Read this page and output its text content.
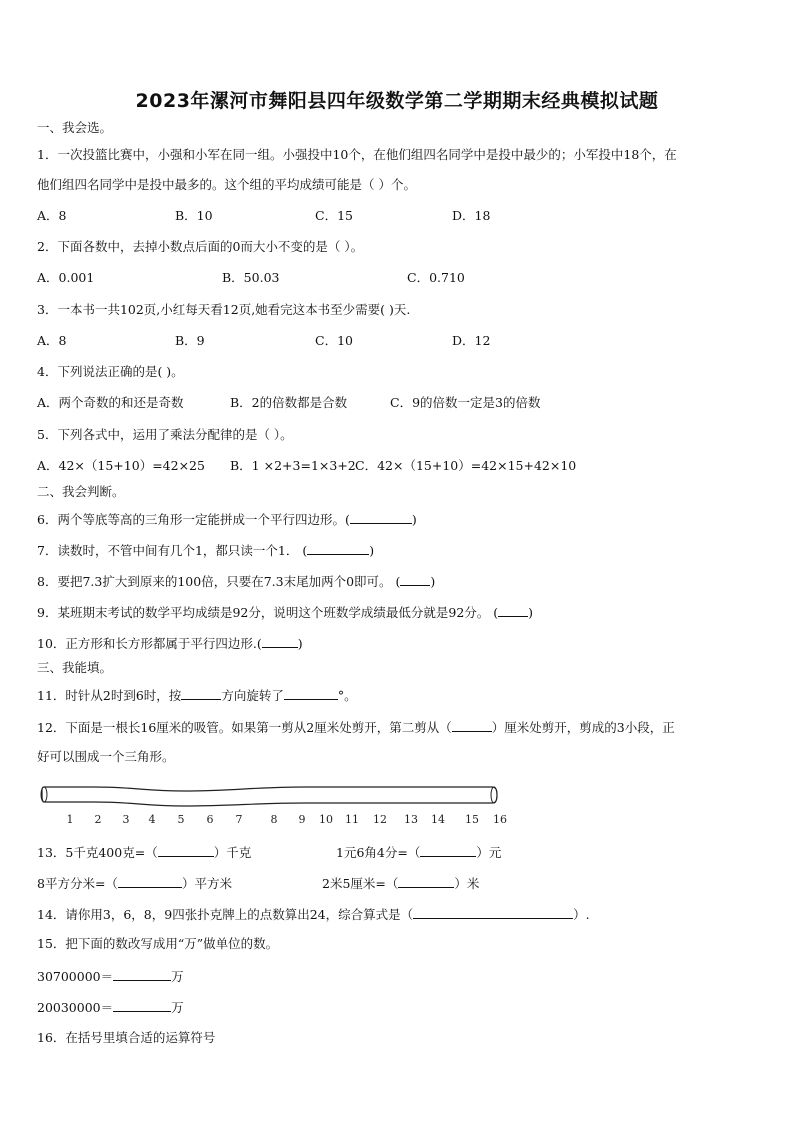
2023年漯河市舞阳县四年级数学第二学期期末经典模拟试题
一、我会选。
1．一次投篮比赛中，小强和小军在同一组。小强投中10个，在他们组四名同学中是投中最少的；小军投中18个，在
他们组四名同学中是投中最多的。这个组的平均成绩可能是（ ）个。
A．8	B．10	C．15	D．18
2．下面各数中，去掉小数点后面的0而大小不变的是（ ）。
A．0.001	B．50.03	C．0.710
3．一本书一共102页,小红每天看12页,她看完这本书至少需要( )天.
A．8	B．9	C．10	D．12
4．下列说法正确的是( )。
A．两个奇数的和还是奇数	B．2的倍数都是合数	C．9的倍数一定是3的倍数
5．下列各式中，运用了乘法分配律的是（ ）。
A．42×（15+10）=42×25 B．1 ×2+3=1×3+2 C．42×（15+10）=42×15+42×10
二、我会判断。
6．两个等底等高的三角形一定能拼成一个平行四边形。(	)
7．读数时，不管中间有几个1，都只读一个1． (	)
8．要把7.3扩大到原来的100倍，只要在7.3末尾加两个0即可。 ( )
9．某班期末考试的数学平均成绩是92分，说明这个班数学成绩最低分就是92分。 ( )
10．正方形和长方形都属于平行四边形.(	)
三、我能填。
11．时针从2时到6时，按	方向旋转了	°。
12．下面是一根长16厘米的吸管。如果第一剪从2厘米处剪开，第二剪从（	）厘米处剪开，剪成的3小段，正
好可以围成一个三角形。
1 2 3 4 5 6 7	8 9 10 11 12 13 14 15 16
13．5千克400克=（	）千克	1元6角4分=（	）元
8平方分米=（	）平方米	2米5厘米=（	）米
14．请你用3，6，8，9四张扑克牌上的点数算出24，综合算式是（	）.
15．把下面的数改写成用“万”做单位的数。
30700000＝	万
20030000＝	万
16．在括号里填合适的运算符号
